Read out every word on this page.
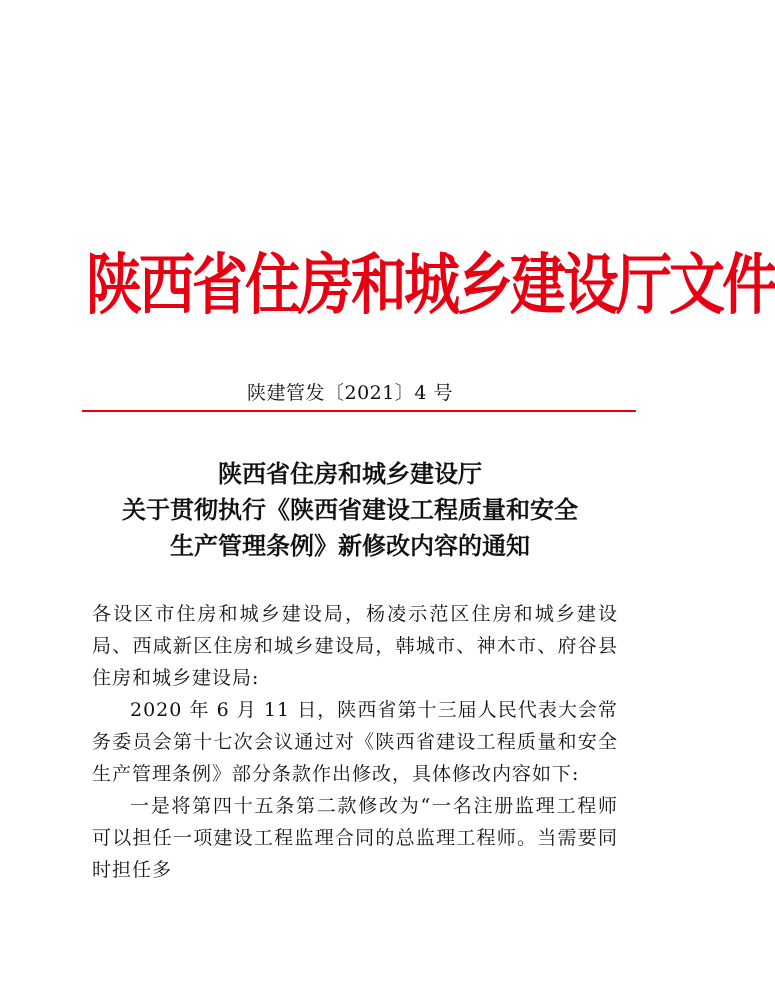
陕西省住房和城乡建设厅文件
陕建管发〔2021〕4 号
陕西省住房和城乡建设厅
关于贯彻执行《陕西省建设工程质量和安全
生产管理条例》新修改内容的通知

各设区市住房和城乡建设局，杨凌示范区住房和城乡建设局、西咸新区住房和城乡建设局，韩城市、神木市、府谷县住房和城乡建设局:

2020 年 6 月 11 日，陕西省第十三届人民代表大会常务委员会第十七次会议通过对《陕西省建设工程质量和安全生产管理条例》部分条款作出修改，具体修改内容如下:

一是将第四十五条第二款修改为“一名注册监理工程师可以担任一项建设工程监理合同的总监理工程师。当需要同时担任多
